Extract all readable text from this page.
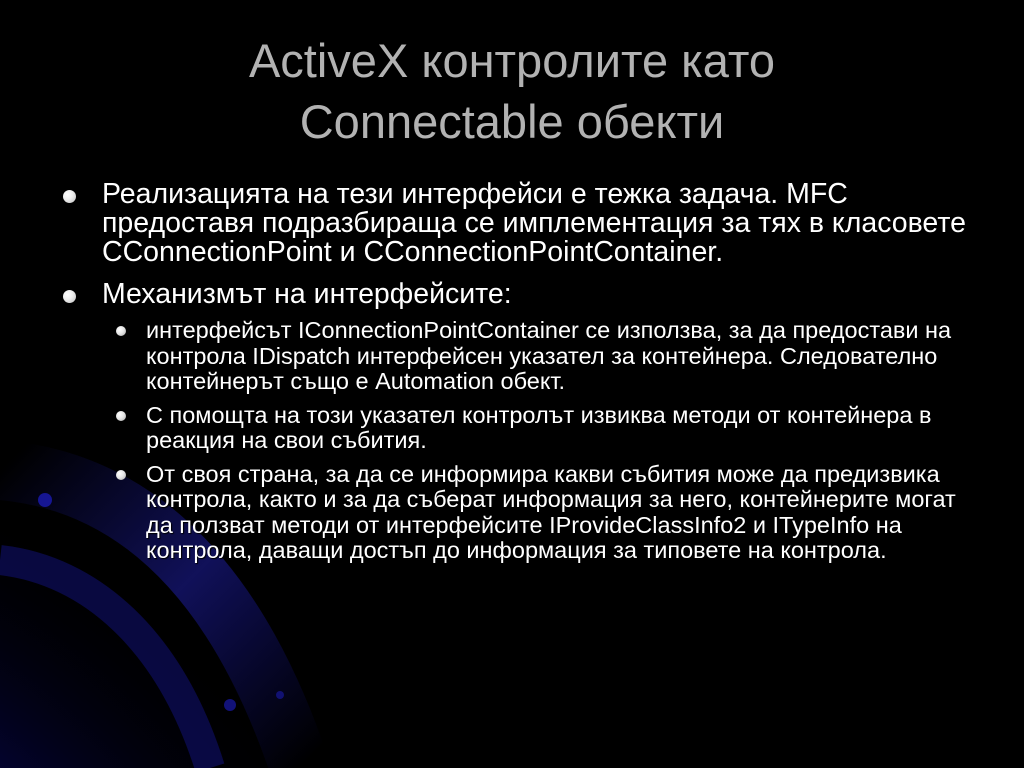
ActiveX контролите като
Connectable обекти
Реализацията на тези интерфейси е тежка задача. MFC предоставя подразбираща се имплементация за тях в класовете CConnectionPoint и CConnectionPointContainer.
Механизмът на интерфейсите:
интерфейсът IConnectionPointContainer се използва, за да предостави на контрола IDispatch интерфейсен указател за контейнера. Следователно контейнерът също е Automation обект.
С помощта на този указател контролът извиква методи от контейнера в реакция на свои събития.
От своя страна, за да се информира какви събития може да предизвика контрола, както и за да съберат информация за него, контейнерите могат да ползват методи от интерфейсите IProvideClassInfo2 и ITypeInfo на контрола, даващи достъп до информация за типовете на контрола.
